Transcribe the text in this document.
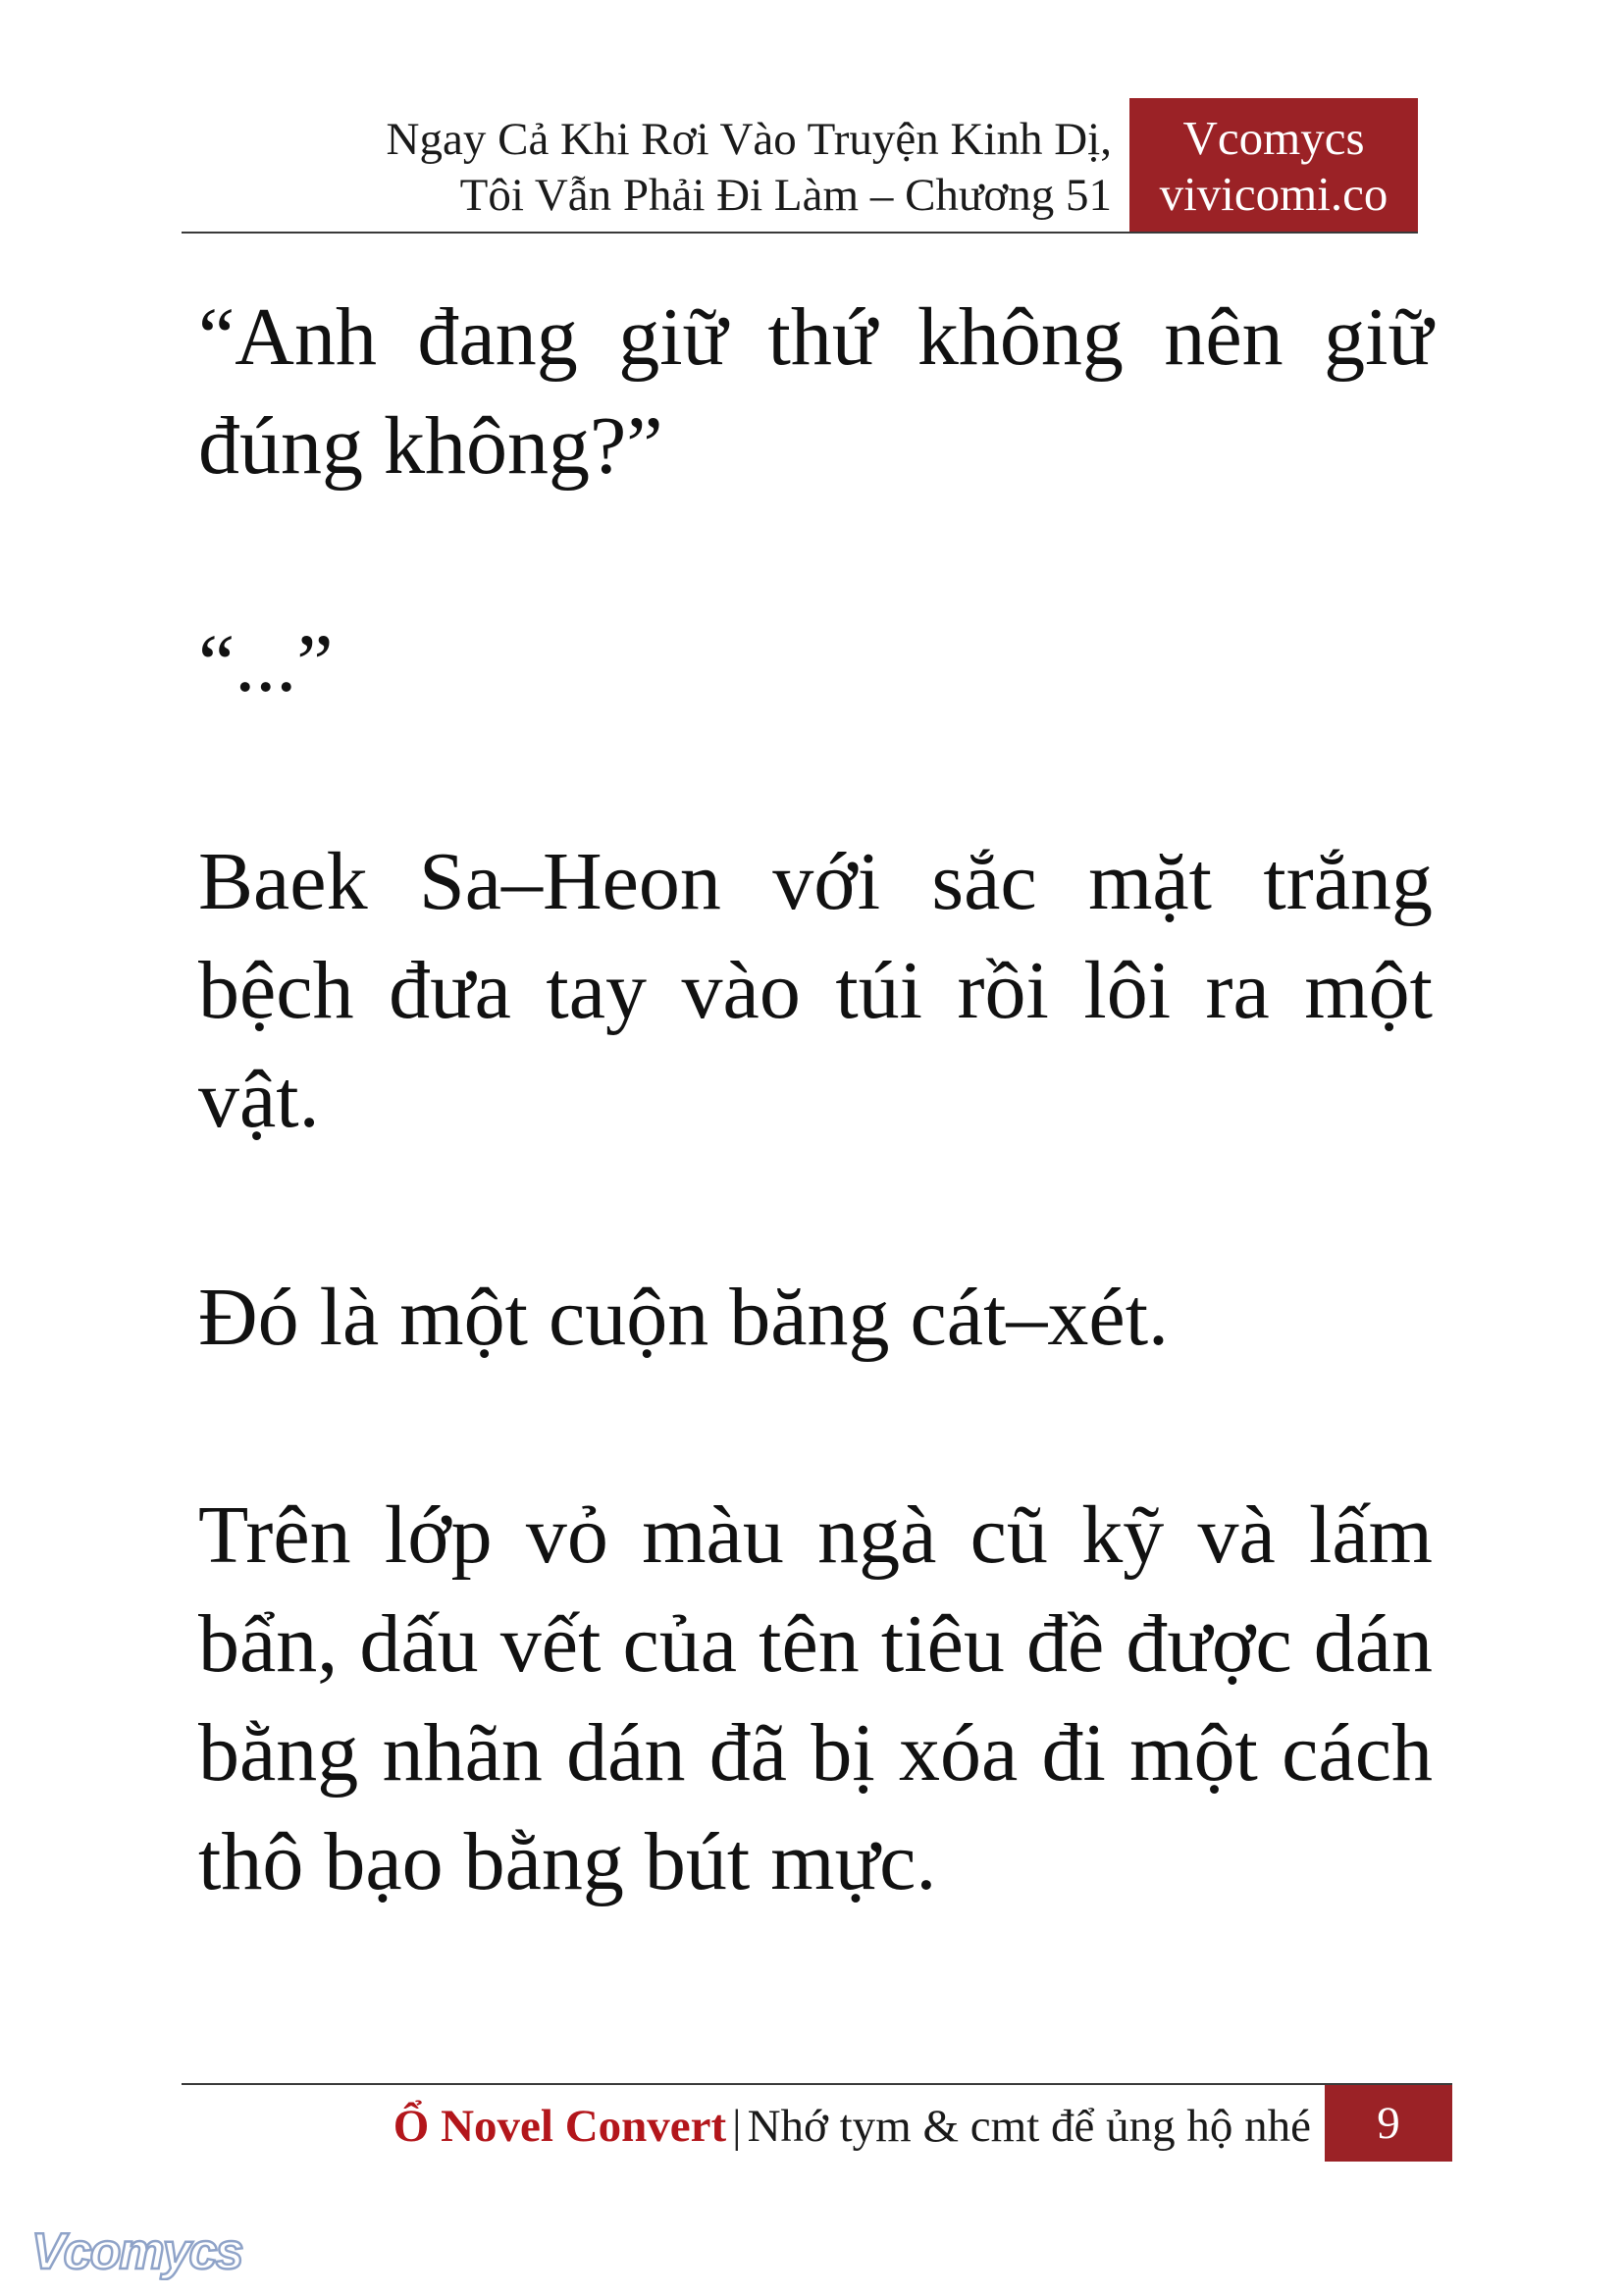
Ngay Cả Khi Rơi Vào Truyện Kinh Dị,
Tôi Vẫn Phải Đi Làm – Chương 51
Vcomycs
vivicomi.co

“Anh đang giữ thứ không nên giữ đúng không?”

“...”

Baek Sa–Heon với sắc mặt trắng bệch đưa tay vào túi rồi lôi ra một vật.

Đó là một cuộn băng cát–xét.

Trên lớp vỏ màu ngà cũ kỹ và lấm bẩn, dấu vết của tên tiêu đề được dán bằng nhãn dán đã bị xóa đi một cách thô bạo bằng bút mực.

Ổ Novel Convert | Nhớ tym & cmt để ủng hộ nhé	9
Vcomycs
